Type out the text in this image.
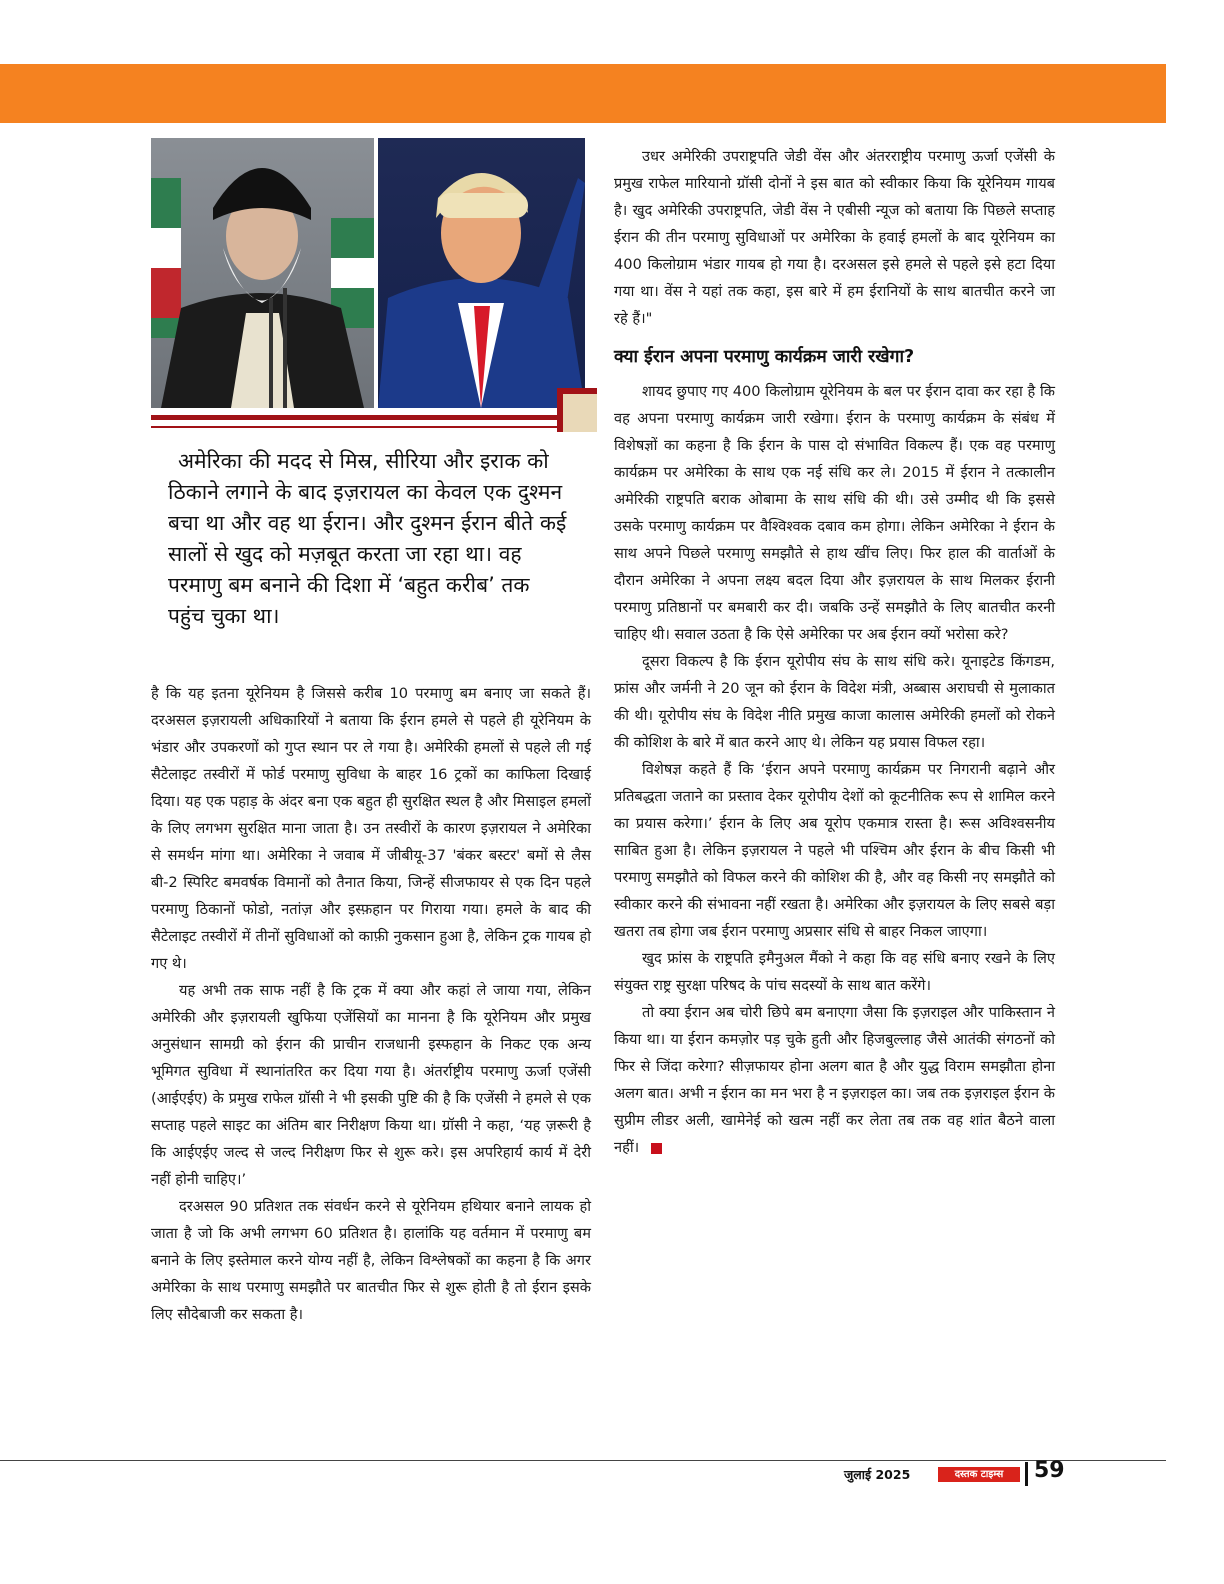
अमेरिका की मदद से मिस्र, सीरिया और इराक को ठिकाने लगाने के बाद इज़रायल का केवल एक दुश्मन बचा था और वह था ईरान। और दुश्मन ईरान बीते कई सालों से खुद को मज़बूत करता जा रहा था। वह परमाणु बम बनाने की दिशा में ‘बहुत करीब’ तक पहुंच चुका था।

है कि यह इतना यूरेनियम है जिससे करीब 10 परमाणु बम बनाए जा सकते हैं। दरअसल इज़रायली अधिकारियों ने बताया कि ईरान हमले से पहले ही यूरेनियम के भंडार और उपकरणों को गुप्त स्थान पर ले गया है। अमेरिकी हमलों से पहले ली गई सैटेलाइट तस्वीरों में फोर्ड परमाणु सुविधा के बाहर 16 ट्रकों का काफिला दिखाई दिया। यह एक पहाड़ के अंदर बना एक बहुत ही सुरक्षित स्थल है और मिसाइल हमलों के लिए लगभग सुरक्षित माना जाता है। उन तस्वीरों के कारण इज़रायल ने अमेरिका से समर्थन मांगा था। अमेरिका ने जवाब में जीबीयू-37 'बंकर बस्टर' बमों से लैस बी-2 स्पिरिट बमवर्षक विमानों को तैनात किया, जिन्हें सीजफायर से एक दिन पहले परमाणु ठिकानों फोडो, नतांज़ और इस्फ़हान पर गिराया गया। हमले के बाद की सैटेलाइट तस्वीरों में तीनों सुविधाओं को काफ़ी नुकसान हुआ है, लेकिन ट्रक गायब हो गए थे।

यह अभी तक साफ नहीं है कि ट्रक में क्या और कहां ले जाया गया, लेकिन अमेरिकी और इज़रायली खुफिया एजेंसियों का मानना है कि यूरेनियम और प्रमुख अनुसंधान सामग्री को ईरान की प्राचीन राजधानी इस्फहान के निकट एक अन्य भूमिगत सुविधा में स्थानांतरित कर दिया गया है। अंतर्राष्ट्रीय परमाणु ऊर्जा एजेंसी (आईएईए) के प्रमुख राफेल ग्रॉसी ने भी इसकी पुष्टि की है कि एजेंसी ने हमले से एक सप्ताह पहले साइट का अंतिम बार निरीक्षण किया था। ग्रॉसी ने कहा, ‘यह ज़रूरी है कि आईएईए जल्द से जल्द निरीक्षण फिर से शुरू करे। इस अपरिहार्य कार्य में देरी नहीं होनी चाहिए।’

दरअसल 90 प्रतिशत तक संवर्धन करने से यूरेनियम हथियार बनाने लायक हो जाता है जो कि अभी लगभग 60 प्रतिशत है। हालांकि यह वर्तमान में परमाणु बम बनाने के लिए इस्तेमाल करने योग्य नहीं है, लेकिन विश्लेषकों का कहना है कि अगर अमेरिका के साथ परमाणु समझौते पर बातचीत फिर से शुरू होती है तो ईरान इसके लिए सौदेबाजी कर सकता है।

उधर अमेरिकी उपराष्ट्रपति जेडी वेंस और अंतरराष्ट्रीय परमाणु ऊर्जा एजेंसी के प्रमुख राफेल मारियानो ग्रॉसी दोनों ने इस बात को स्वीकार किया कि यूरेनियम गायब है। खुद अमेरिकी उपराष्ट्रपति, जेडी वेंस ने एबीसी न्यूज को बताया कि पिछले सप्ताह ईरान की तीन परमाणु सुविधाओं पर अमेरिका के हवाई हमलों के बाद यूरेनियम का 400 किलोग्राम भंडार गायब हो गया है। दरअसल इसे हमले से पहले इसे हटा दिया गया था। वेंस ने यहां तक कहा, इस बारे में हम ईरानियों के साथ बातचीत करने जा रहे हैं।"

क्या ईरान अपना परमाणु कार्यक्रम जारी रखेगा?

शायद छुपाए गए 400 किलोग्राम यूरेनियम के बल पर ईरान दावा कर रहा है कि वह अपना परमाणु कार्यक्रम जारी रखेगा। ईरान के परमाणु कार्यक्रम के संबंध में विशेषज्ञों का कहना है कि ईरान के पास दो संभावित विकल्प हैं। एक वह परमाणु कार्यक्रम पर अमेरिका के साथ एक नई संधि कर ले। 2015 में ईरान ने तत्कालीन अमेरिकी राष्ट्रपति बराक ओबामा के साथ संधि की थी। उसे उम्मीद थी कि इससे उसके परमाणु कार्यक्रम पर वैश्विश्वक दबाव कम होगा। लेकिन अमेरिका ने ईरान के साथ अपने पिछले परमाणु समझौते से हाथ खींच लिए। फिर हाल की वार्ताओं के दौरान अमेरिका ने अपना लक्ष्य बदल दिया और इज़रायल के साथ मिलकर ईरानी परमाणु प्रतिष्ठानों पर बमबारी कर दी। जबकि उन्हें समझौते के लिए बातचीत करनी चाहिए थी। सवाल उठता है कि ऐसे अमेरिका पर अब ईरान क्यों भरोसा करे?

दूसरा विकल्प है कि ईरान यूरोपीय संघ के साथ संधि करे। यूनाइटेड किंगडम, फ्रांस और जर्मनी ने 20 जून को ईरान के विदेश मंत्री, अब्बास अराघची से मुलाकात की थी। यूरोपीय संघ के विदेश नीति प्रमुख काजा कालास अमेरिकी हमलों को रोकने की कोशिश के बारे में बात करने आए थे। लेकिन यह प्रयास विफल रहा।

विशेषज्ञ कहते हैं कि ‘ईरान अपने परमाणु कार्यक्रम पर निगरानी बढ़ाने और प्रतिबद्धता जताने का प्रस्ताव देकर यूरोपीय देशों को कूटनीतिक रूप से शामिल करने का प्रयास करेगा।’ ईरान के लिए अब यूरोप एकमात्र रास्ता है। रूस अविश्वसनीय साबित हुआ है। लेकिन इज़रायल ने पहले भी पश्चिम और ईरान के बीच किसी भी परमाणु समझौते को विफल करने की कोशिश की है, और वह किसी नए समझौते को स्वीकार करने की संभावना नहीं रखता है। अमेरिका और इज़रायल के लिए सबसे बड़ा खतरा तब होगा जब ईरान परमाणु अप्रसार संधि से बाहर निकल जाएगा।

खुद फ्रांस के राष्ट्रपति इमैनुअल मैंको ने कहा कि वह संधि बनाए रखने के लिए संयुक्त राष्ट्र सुरक्षा परिषद के पांच सदस्यों के साथ बात करेंगे।

तो क्या ईरान अब चोरी छिपे बम बनाएगा जैसा कि इज़राइल और पाकिस्तान ने किया था। या ईरान कमज़ोर पड़ चुके हुती और हिजबुल्लाह जैसे आतंकी संगठनों को फिर से जिंदा करेगा? सीज़फायर होना अलग बात है और युद्ध विराम समझौता होना अलग बात। अभी न ईरान का मन भरा है न इज़राइल का। जब तक इज़राइल ईरान के सुप्रीम लीडर अली, खामेनेई को खत्म नहीं कर लेता तब तक वह शांत बैठने वाला नहीं।

जुलाई 2025	दस्तक टाइम्स	59
